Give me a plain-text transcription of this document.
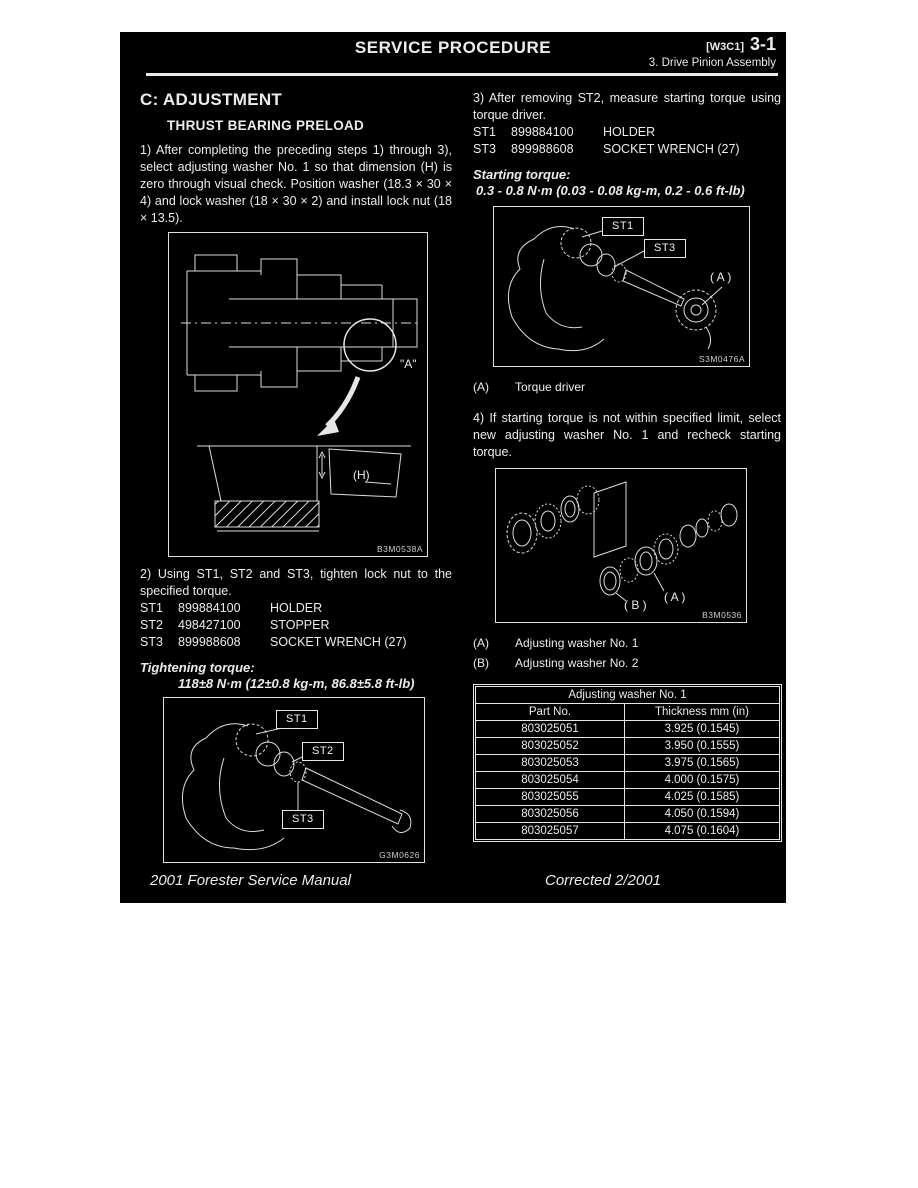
SERVICE PROCEDURE	[W3C1] 3-1
3. Drive Pinion Assembly
C: ADJUSTMENT
THRUST BEARING PRELOAD

1) After completing the preceding steps 1) through 3), select adjusting washer No. 1 so that dimension (H) is zero through visual check. Position washer (18.3 × 30 × 4) and lock washer (18 × 30 × 2) and install lock nut (18 × 13.5).

"A"
(H)
B3M0538A

2) Using ST1, ST2 and ST3, tighten lock nut to the specified torque.

ST1	899884100	HOLDER
ST2	498427100	STOPPER
ST3	899988608	SOCKET WRENCH (27)
Tightening torque:
118±8 N·m (12±0.8 kg-m, 86.8±5.8 ft-lb)
ST1
ST2
ST3
G3M0626

3) After removing ST2, measure starting torque using torque driver.

ST1	899884100	HOLDER
ST3	899988608	SOCKET WRENCH (27)
Starting torque:
0.3 - 0.8 N·m (0.03 - 0.08 kg-m, 0.2 - 0.6 ft-lb)
( A )
ST1
ST3
S3M0476A
(A)	Torque driver

4) If starting torque is not within specified limit, select new adjusting washer No. 1 and recheck starting torque.

( B )
( A )
B3M0536
(A)	Adjusting washer No. 1
(B)	Adjusting washer No. 2
Adjusting washer No. 1	
Part No.	Thickness mm (in)
803025051	3.925 (0.1545)
803025052	3.950 (0.1555)
803025053	3.975 (0.1565)
803025054	4.000 (0.1575)
803025055	4.025 (0.1585)
803025056	4.050 (0.1594)
803025057	4.075 (0.1604)
2001 Forester Service Manual	Corrected 2/2001
